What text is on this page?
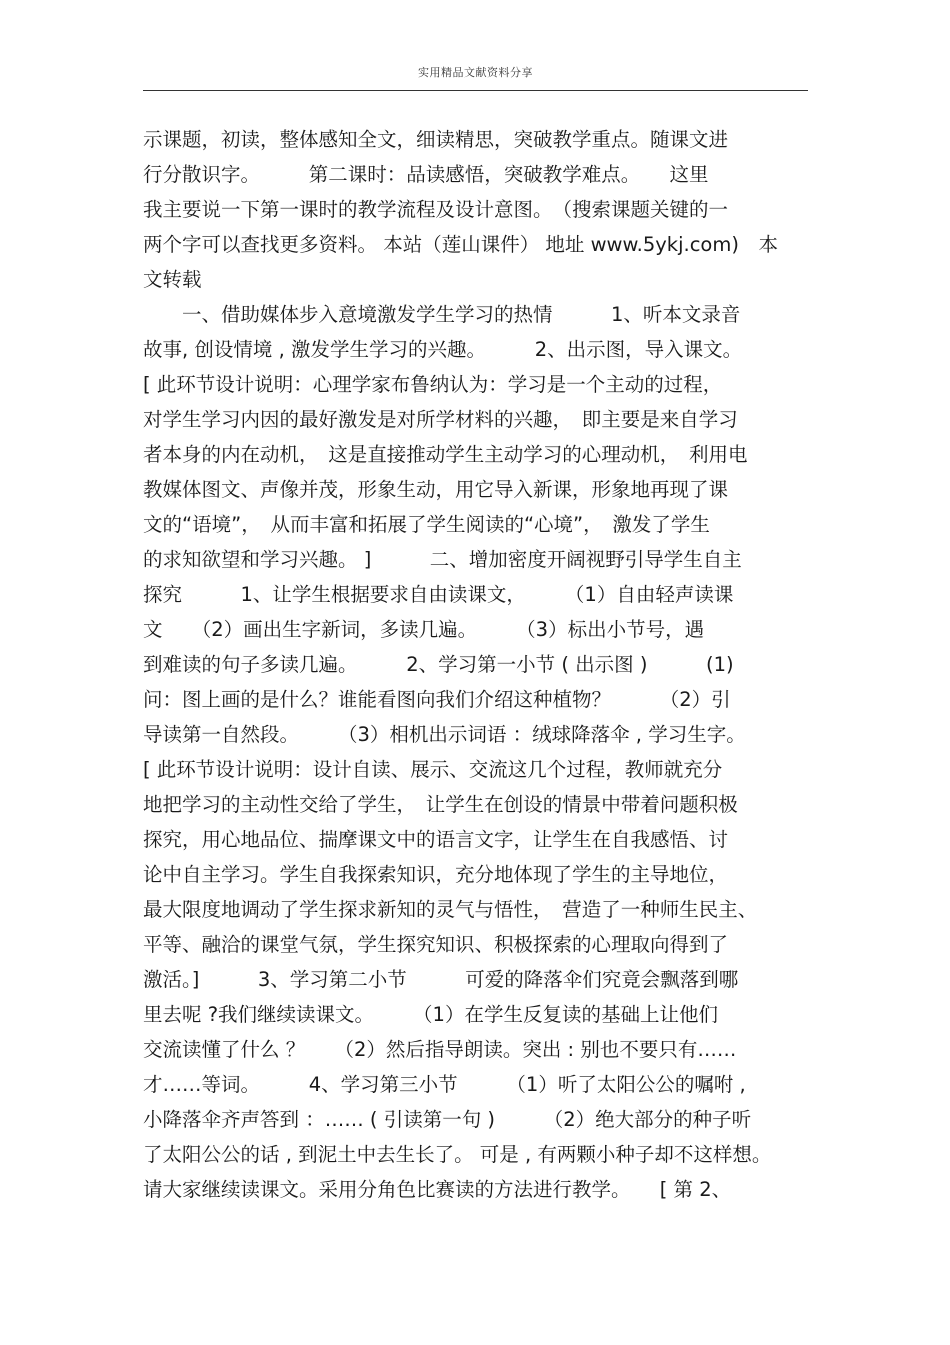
实用精品文献资料分享
示课题，初读，整体感知全文，细读精思，突破教学重点。随课文进
行分散识字。　　　第二课时：品读感悟，突破教学难点。　　这里
我主要说一下第一课时的教学流程及设计意图。　（搜索课题关键的一
两个字可以查找更多资料。 本站（莲山课件） 地址 www.5ykj.com)　本
文转载
　　一、借助媒体步入意境激发学生学习的热情　　　1、听本文录音
故事, 创设情境 , 激发学生学习的兴趣。　　　2、出示图，导入课文。
[ 此环节设计说明：心理学家布鲁纳认为：学习是一个主动的过程，
对学生学习内因的最好激发是对所学材料的兴趣，　即主要是来自学习
者本身的内在动机，　这是直接推动学生主动学习的心理动机，　利用电
教媒体图文、声像并茂，形象生动，用它导入新课，形象地再现了课
文的“语境”，　从而丰富和拓展了学生阅读的“心境”，　激发了学生
的求知欲望和学习兴趣。 ]　　　二、增加密度开阔视野引导学生自主
探究　　　1、让学生根据要求自由读课文，　　　（1）自由轻声读课
文　　（2）画出生字新词，多读几遍。　　　（3）标出小节号，遇
到难读的句子多读几遍。　　　2、学习第一小节 ( 出示图 )　　　(1)
问：图上画的是什么？谁能看图向我们介绍这种植物？　　　（2）引
导读第一自然段。　　　（3）相机出示词语 ：绒球降落伞 , 学习生字。
[ 此环节设计说明：设计自读、展示、交流这几个过程，教师就充分
地把学习的主动性交给了学生，　让学生在创设的情景中带着问题积极
探究，用心地品位、揣摩课文中的语言文字，让学生在自我感悟、讨
论中自主学习。学生自我探索知识，充分地体现了学生的主导地位，
最大限度地调动了学生探求新知的灵气与悟性，　营造了一种师生民主、
平等、融洽的课堂气氛，学生探究知识、积极探索的心理取向得到了
激活。]　　　3、学习第二小节　　　可爱的降落伞们究竟会飘落到哪
里去呢 ?我们继续读课文。　　　（1）在学生反复读的基础上让他们
交流读懂了什么 ？　　（2）然后指导朗读。突出 : 别也不要只有……
才……等词。　　　4、学习第三小节　　　（1）听了太阳公公的嘱咐 ,
小降落伞齐声答到 ：…… ( 引读第一句 )　　　（2）绝大部分的种子听
了太阳公公的话 , 到泥土中去生长了。 可是 , 有两颗小种子却不这样想。
请大家继续读课文。采用分角色比赛读的方法进行教学。　　[ 第 2、
